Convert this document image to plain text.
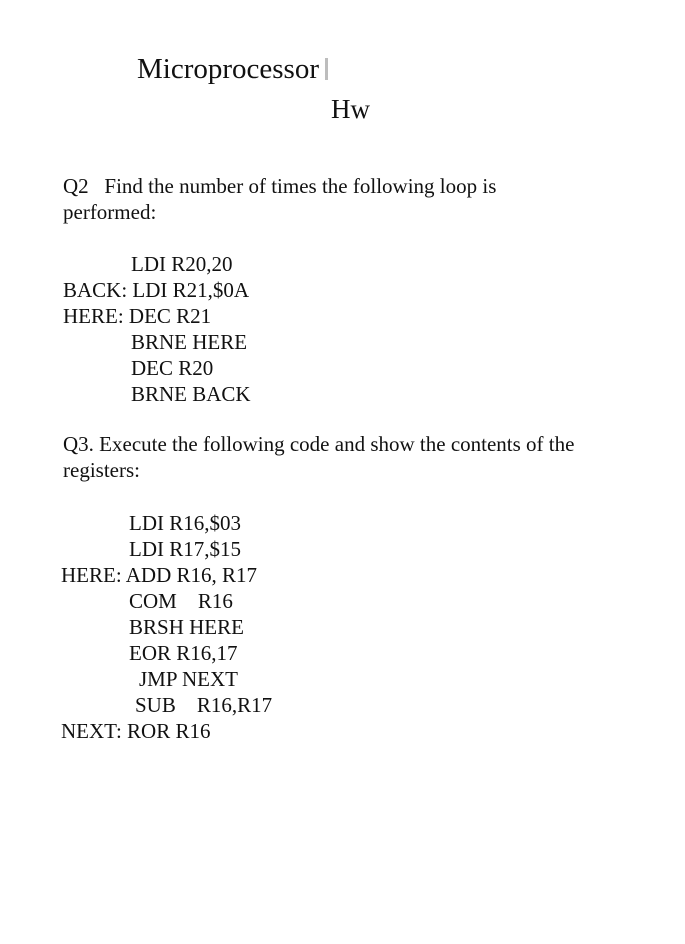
Microprocessor
Hw
Q2   Find the number of times the following loop is
performed:
LDI R20,20
BACK: LDI R21,$0A
HERE: DEC R21
BRNE HERE
DEC R20
BRNE BACK
Q3. Execute the following code and show the contents of the
registers:
LDI R16,$03
LDI R17,$15
HERE: ADD R16, R17
COM    R16
BRSH HERE
EOR R16,17
JMP NEXT
SUB    R16,R17
NEXT: ROR R16
